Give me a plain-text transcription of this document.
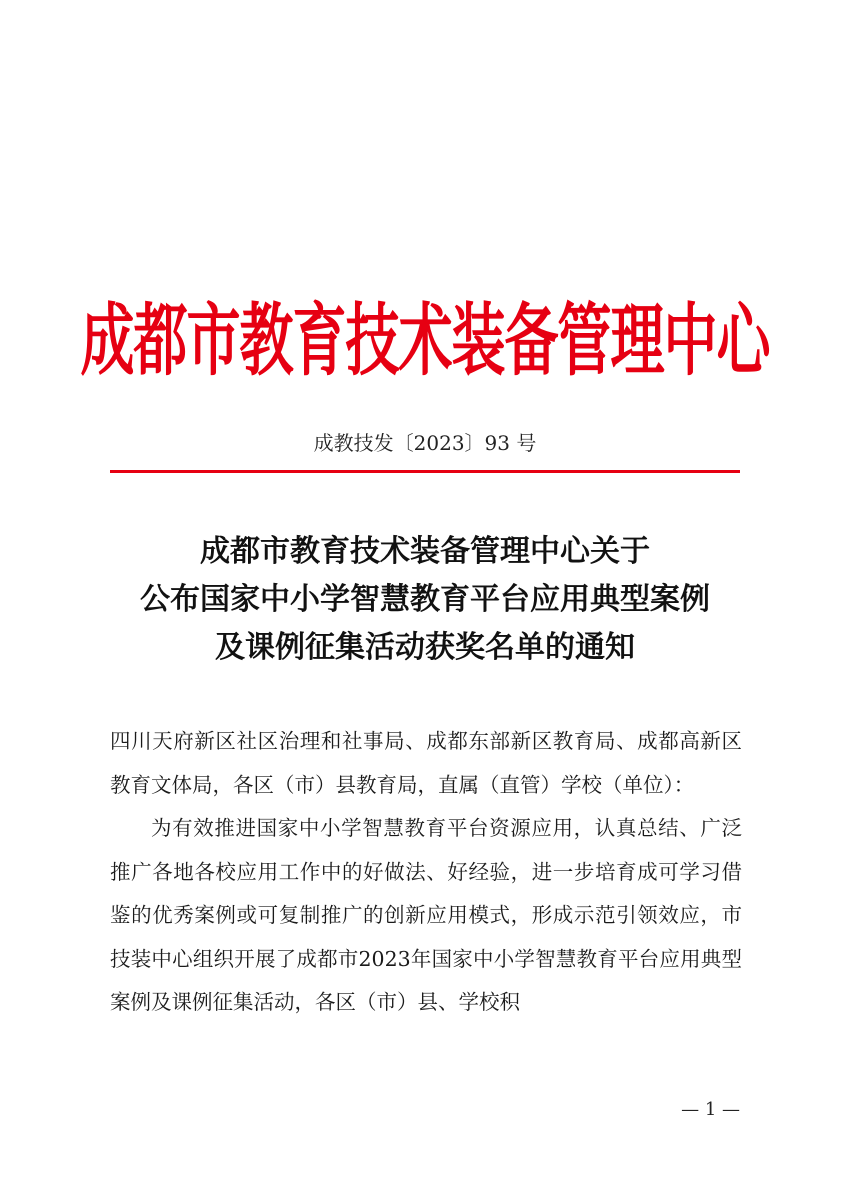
成都市教育技术装备管理中心
成教技发〔2023〕93 号
成都市教育技术装备管理中心关于
公布国家中小学智慧教育平台应用典型案例
及课例征集活动获奖名单的通知

四川天府新区社区治理和社事局、成都东部新区教育局、成都高新区教育文体局，各区（市）县教育局，直属（直管）学校（单位）：

为有效推进国家中小学智慧教育平台资源应用，认真总结、广泛推广各地各校应用工作中的好做法、好经验，进一步培育成可学习借鉴的优秀案例或可复制推广的创新应用模式，形成示范引领效应，市技装中心组织开展了成都市2023年国家中小学智慧教育平台应用典型案例及课例征集活动，各区（市）县、学校积

— 1 —
